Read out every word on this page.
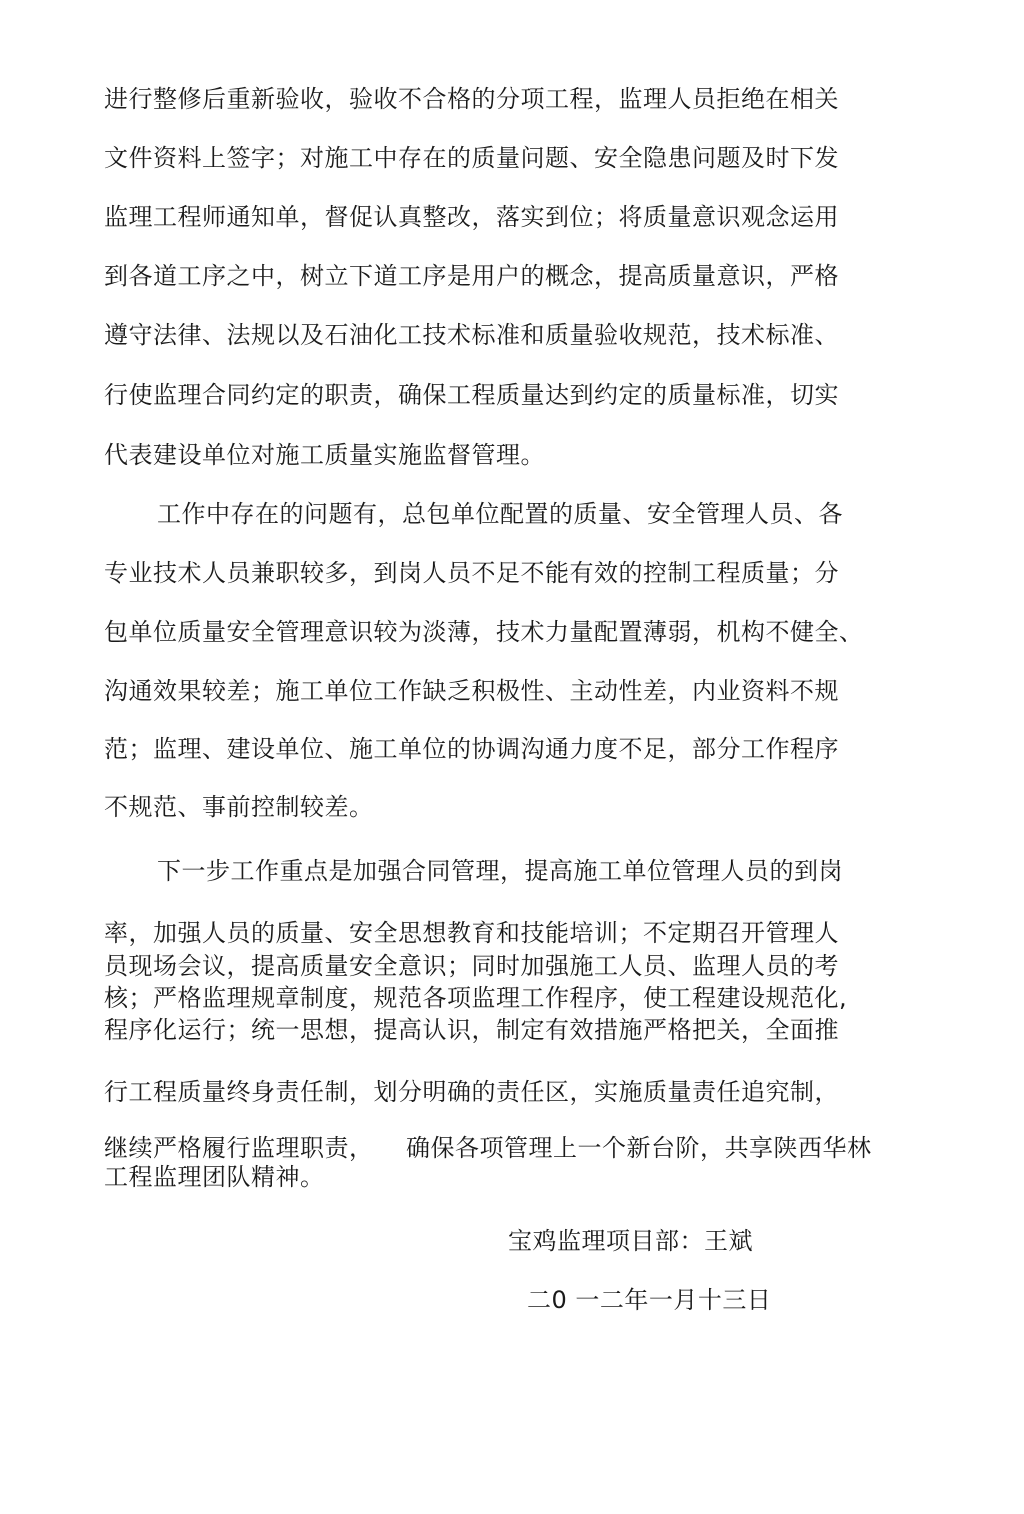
进行整修后重新验收，验收不合格的分项工程，监理人员拒绝在相关
文件资料上签字；对施工中存在的质量问题、安全隐患问题及时下发
监理工程师通知单，督促认真整改，落实到位；将质量意识观念运用
到各道工序之中，树立下道工序是用户的概念，提高质量意识，严格
遵守法律、法规以及石油化工技术标准和质量验收规范，技术标准、
行使监理合同约定的职责，确保工程质量达到约定的质量标准，切实
代表建设单位对施工质量实施监督管理。
工作中存在的问题有，总包单位配置的质量、安全管理人员、各
专业技术人员兼职较多，到岗人员不足不能有效的控制工程质量；分
包单位质量安全管理意识较为淡薄，技术力量配置薄弱，机构不健全、
沟通效果较差；施工单位工作缺乏积极性、主动性差，内业资料不规
范；监理、建设单位、施工单位的协调沟通力度不足，部分工作程序
不规范、事前控制较差。
下一步工作重点是加强合同管理，提高施工单位管理人员的到岗
率，加强人员的质量、安全思想教育和技能培训；不定期召开管理人
员现场会议，提高质量安全意识；同时加强施工人员、监理人员的考
核；严格监理规章制度，规范各项监理工作程序，使工程建设规范化,
程序化运行；统一思想，提高认识，制定有效措施严格把关，全面推
行工程质量终身责任制，划分明确的责任区，实施质量责任追究制，
继续严格履行监理职责，    确保各项管理上一个新台阶，共享陕西华林
工程监理团队精神。
宝鸡监理项目部：王斌
二0 一二年一月十三日
